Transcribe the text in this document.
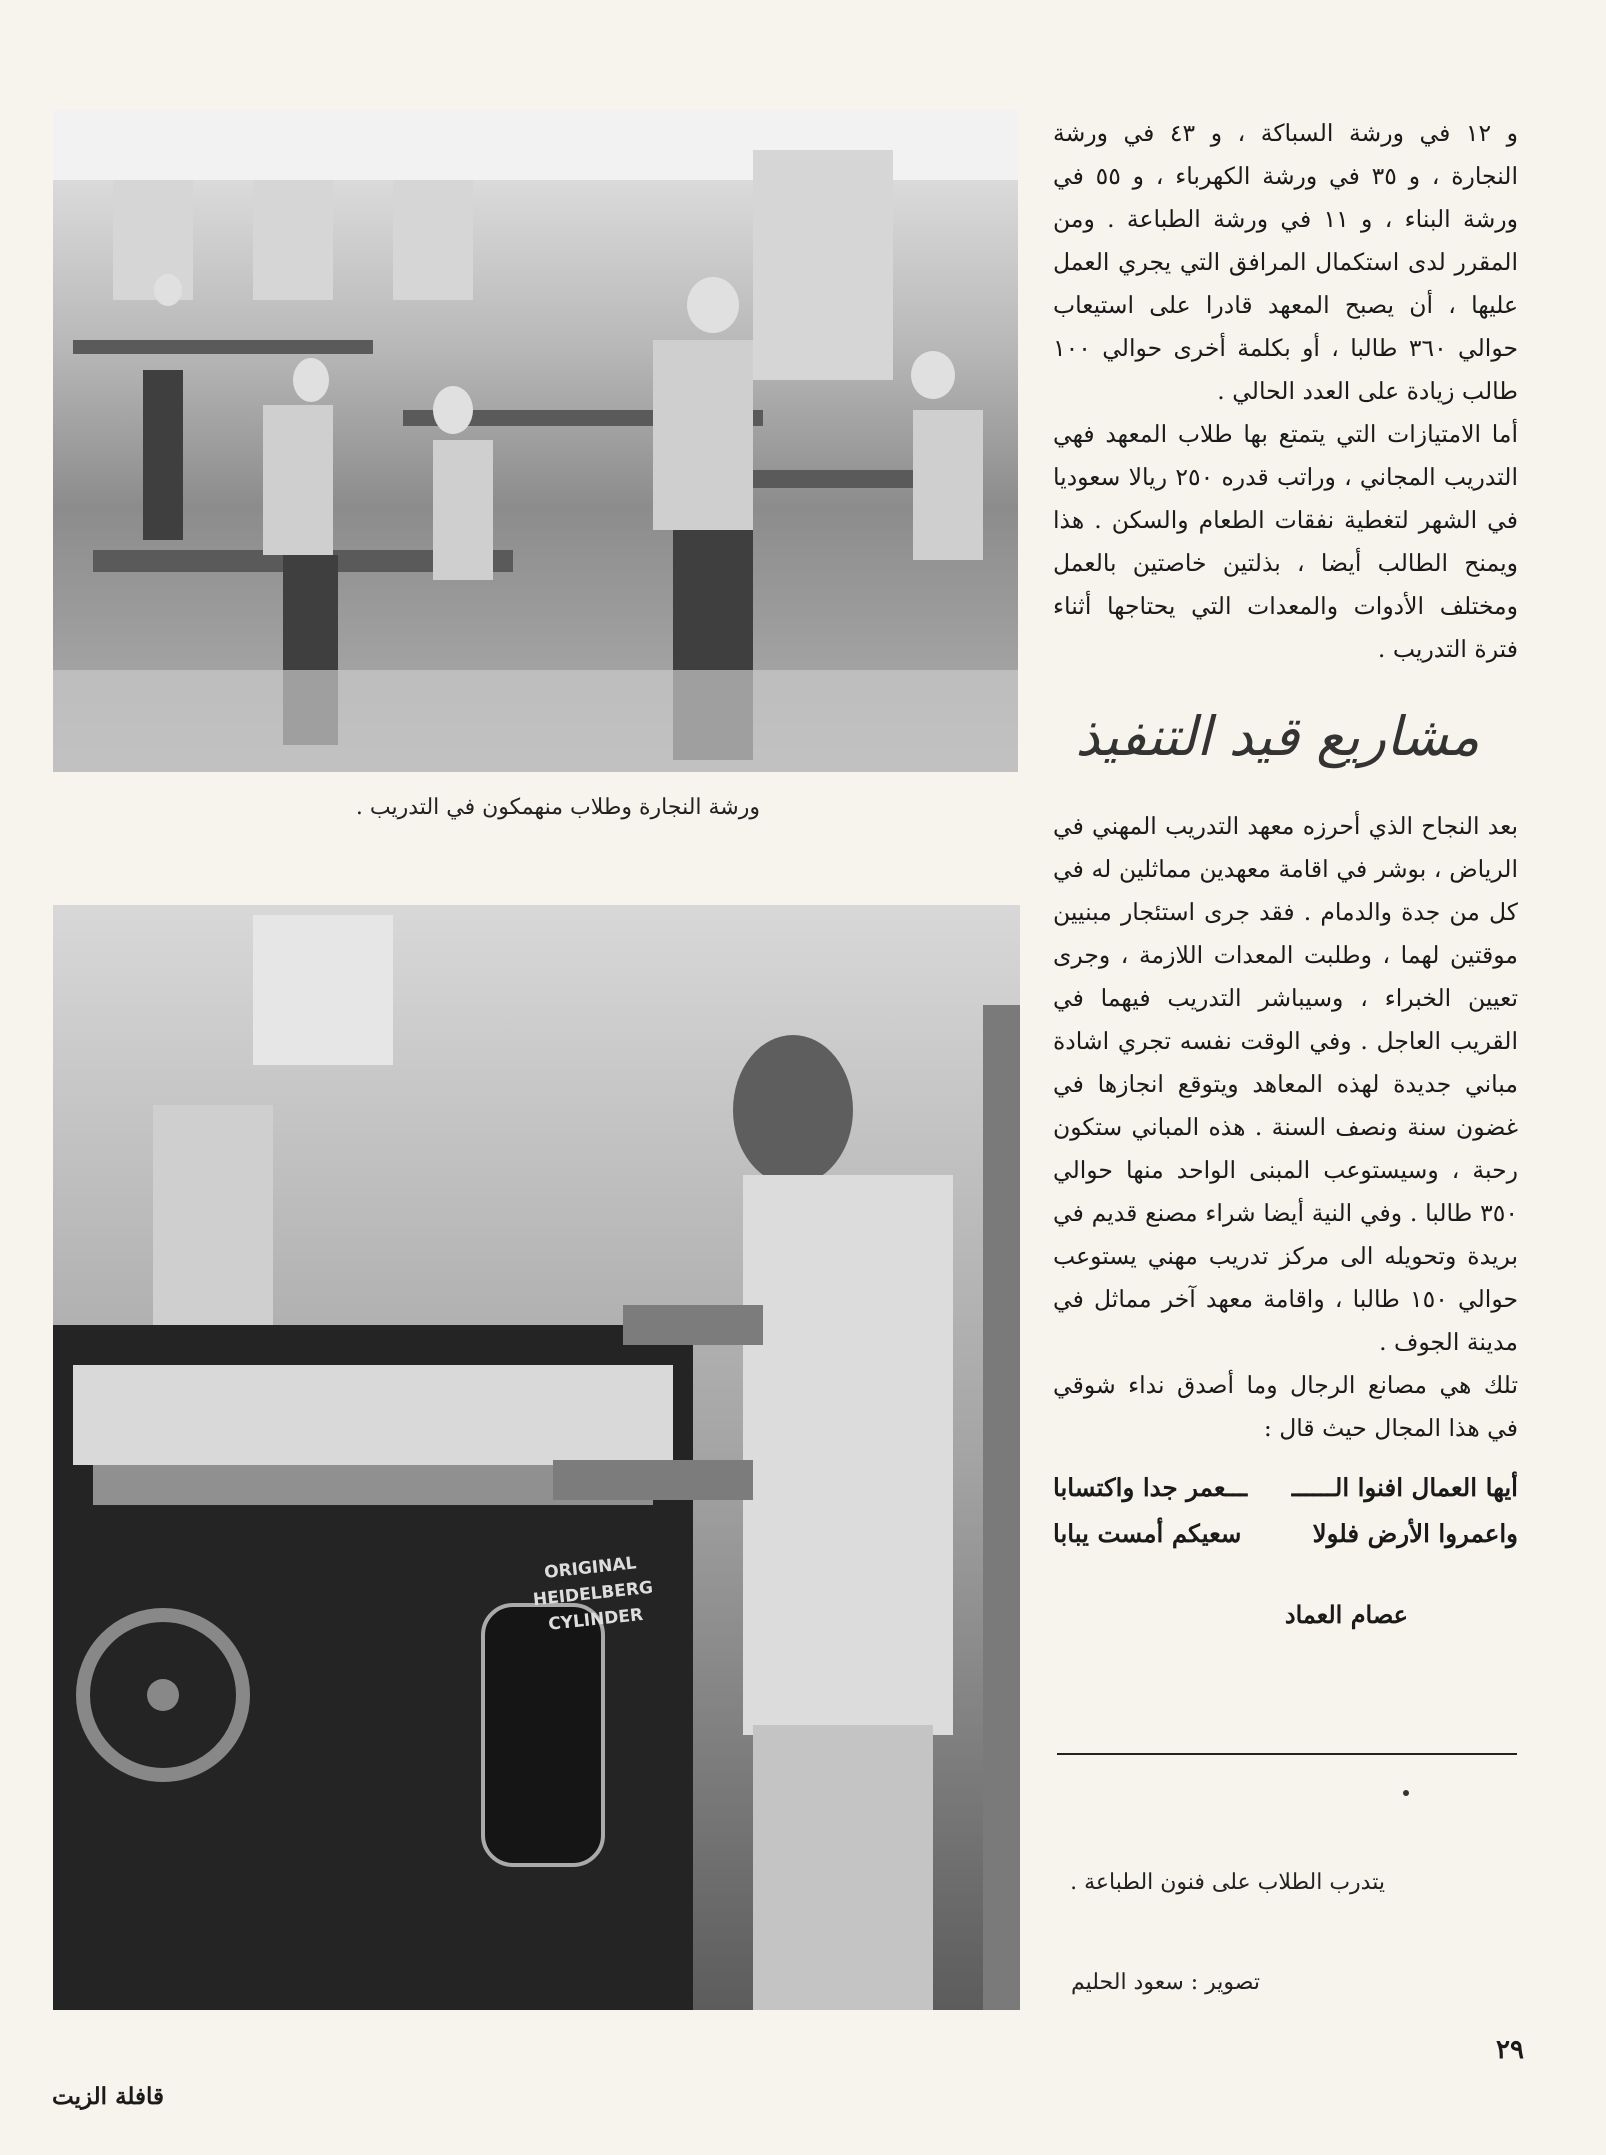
ورشة النجارة وطلاب منهمكون في التدريب .
ORIGINAL
HEIDELBERG
CYLINDER

و ١٢ في ورشة السباكة ، و ٤٣ في ورشة النجارة ، و ٣٥ في ورشة الكهرباء ، و ٥٥ في ورشة البناء ، و ١١ في ورشة الطباعة . ومن المقرر لدى استكمال المرافق التي يجري العمل عليها ، أن يصبح المعهد قادرا على استيعاب حوالي ٣٦٠ طالبا ، أو بكلمة أخرى حوالي ١٠٠ طالب زيادة على العدد الحالي .

أما الامتيازات التي يتمتع بها طلاب المعهد فهي التدريب المجاني ، وراتب قدره ٢٥٠ ريالا سعوديا في الشهر لتغطية نفقات الطعام والسكن . هذا ويمنح الطالب أيضا ، بذلتين خاصتين بالعمل ومختلف الأدوات والمعدات التي يحتاجها أثناء فترة التدريب .

مشاريع قيد التنفيذ

بعد النجاح الذي أحرزه معهد التدريب المهني في الرياض ، بوشر في اقامة معهدين مماثلين له في كل من جدة والدمام . فقد جرى استئجار مبنيين موقتين لهما ، وطلبت المعدات اللازمة ، وجرى تعيين الخبراء ، وسيباشر التدريب فيهما في القريب العاجل . وفي الوقت نفسه تجري اشادة مباني جديدة لهذه المعاهد ويتوقع انجازها في غضون سنة ونصف السنة . هذه المباني ستكون رحبة ، وسيستوعب المبنى الواحد منها حوالي ٣٥٠ طالبا . وفي النية أيضا شراء مصنع قديم في بريدة وتحويله الى مركز تدريب مهني يستوعب حوالي ١٥٠ طالبا ، واقامة معهد آخر مماثل في مدينة الجوف .

تلك هي مصانع الرجال وما أصدق نداء شوقي في هذا المجال حيث قال :

أيها العمال افنوا الــــــ
ـــعمر جدا واكتسابا
واعمروا الأرض فلولا
سعيكم أمست يبابا
عصام العماد
يتدرب الطلاب على فنون الطباعة .
تصوير : سعود الحليم
٢٩
قافلة الزيت
